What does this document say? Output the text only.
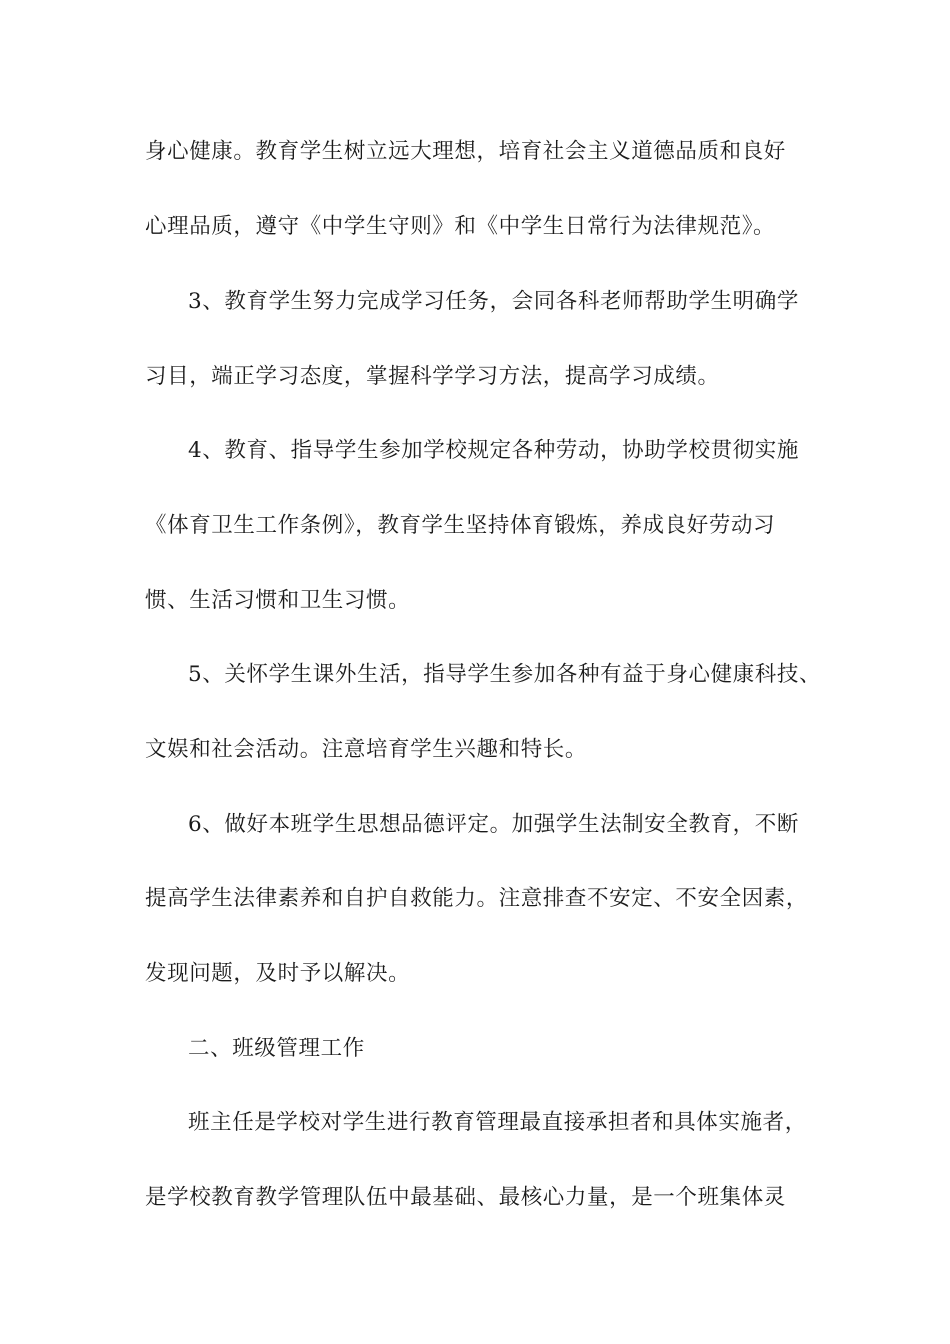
身心健康。教育学生树立远大理想，培育社会主义道德品质和良好
心理品质，遵守《中学生守则》和《中学生日常行为法律规范》。
3、教育学生努力完成学习任务，会同各科老师帮助学生明确学
习目，端正学习态度，掌握科学学习方法，提高学习成绩。
4、教育、指导学生参加学校规定各种劳动，协助学校贯彻实施
《体育卫生工作条例》，教育学生坚持体育锻炼，养成良好劳动习
惯、生活习惯和卫生习惯。
5、关怀学生课外生活，指导学生参加各种有益于身心健康科技、
文娱和社会活动。注意培育学生兴趣和特长。
6、做好本班学生思想品德评定。加强学生法制安全教育，不断
提高学生法律素养和自护自救能力。注意排查不安定、不安全因素，
发现问题，及时予以解决。
二、班级管理工作
班主任是学校对学生进行教育管理最直接承担者和具体实施者，
是学校教育教学管理队伍中最基础、最核心力量，是一个班集体灵
